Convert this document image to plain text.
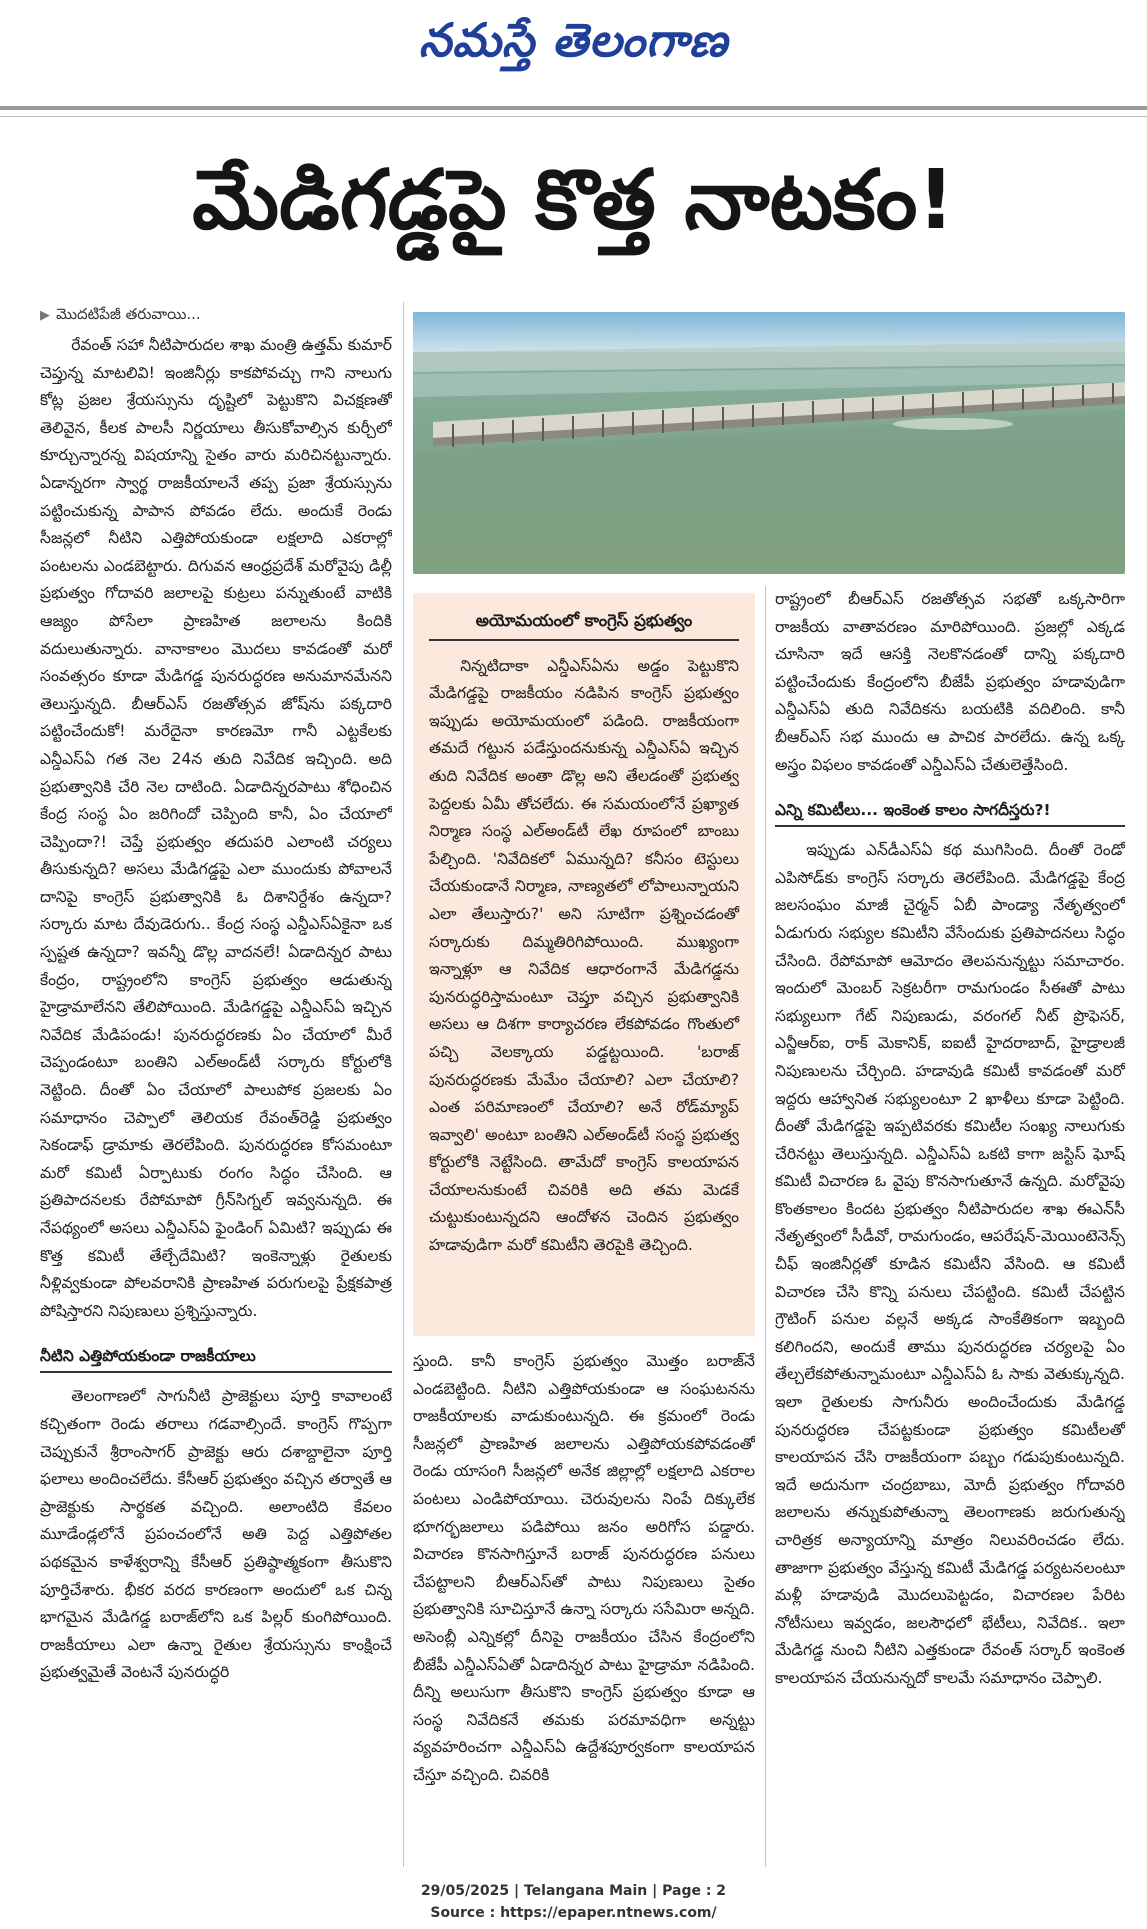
నమస్తే తెలంగాణ
మేడిగడ్డపై కొత్త నాటకం!
▶ మొదటిపేజీ తరువాయి...

రేవంత్ సహా నీటిపారుదల శాఖ మంత్రి ఉత్తమ్ కుమార్ చెప్తున్న మాటలివి! ఇంజినీర్లు కాకపోవచ్చు గాని నాలుగు కోట్ల ప్రజల శ్రేయస్సును దృష్టిలో పెట్టుకొని విచక్షణతో తెలివైన, కీలక పాలసీ నిర్ణయాలు తీసుకోవాల్సిన కుర్చీలో కూర్చున్నారన్న విషయాన్ని సైతం వారు మరిచినట్టున్నారు. ఏడాన్నరగా స్వార్థ రాజకీయాలనే తప్ప ప్రజా శ్రేయస్సును పట్టించుకున్న పాపాన పోవడం లేదు. అందుకే రెండు సీజన్లలో నీటిని ఎత్తిపోయకుండా లక్షలాది ఎకరాల్లో పంటలను ఎండబెట్టారు. దిగువన ఆంధ్రప్రదేశ్ మరోవైపు డిల్లీ ప్రభుత్వం గోదావరి జలాలపై కుట్రలు పన్నుతుంటే వాటికి ఆజ్యం పోసేలా ప్రాణహిత జలాలను కిందికి వదులుతున్నారు. వానాకాలం మొదలు కావడంతో మరో సంవత్సరం కూడా మేడిగడ్డ పునరుద్ధరణ అనుమానమేనని తెలుస్తున్నది. బీఆర్ఎస్ రజతోత్సవ జోష్‌ను పక్కదారి పట్టించేందుకో! మరేదైనా కారణమో గానీ ఎట్టకేలకు ఎన్డీఎస్ఏ గత నెల 24న తుది నివేదిక ఇచ్చింది. అది ప్రభుత్వానికి చేరి నెల దాటింది. ఏడాదిన్నరపాటు శోధించిన కేంద్ర సంస్థ ఏం జరిగిందో చెప్పింది కానీ, ఏం చేయాలో చెప్పిందా?! చెప్తే ప్రభుత్వం తదుపరి ఎలాంటి చర్యలు తీసుకున్నది? అసలు మేడిగడ్డపై ఎలా ముందుకు పోవాలనే దానిపై కాంగ్రెస్ ప్రభుత్వానికి ఓ దిశానిర్దేశం ఉన్నదా? సర్కారు మాట దేవుడెరుగు.. కేంద్ర సంస్థ ఎన్డీఎస్‌ఏకైనా ఒక స్పష్టత ఉన్నదా? ఇవన్నీ డొల్ల వాదనలే! ఏడాదిన్నర పాటు కేంద్రం, రాష్ట్రంలోని కాంగ్రెస్ ప్రభుత్వం ఆడుతున్న హైడ్రామాలేనని తేలిపోయింది. మేడిగడ్డపై ఎన్డీఎస్ఏ ఇచ్చిన నివేదిక మేడిపండు! పునరుద్ధరణకు ఏం చేయాలో మీరే చెప్పండంటూ బంతిని ఎల్అండ్‌టీ సర్కారు కోర్టులోకి నెట్టింది. దీంతో ఏం చేయాలో పాలుపోక ప్రజలకు ఏం సమాధానం చెప్పాలో తెలియక రేవంత్‌రెడ్డి ప్రభుత్వం సెకండాఫ్ డ్రామాకు తెరలేపింది. పునరుద్ధరణ కోసమంటూ మరో కమిటీ ఏర్పాటుకు రంగం సిద్ధం చేసింది. ఆ ప్రతిపాదనలకు రేపోమాపో గ్రీన్‌సిగ్నల్ ఇవ్వనున్నది. ఈ నేపథ్యంలో అసలు ఎన్డీఎస్ఏ ఫైండింగ్ ఏమిటి? ఇప్పుడు ఈ కొత్త కమిటీ తేల్చేదేమిటి? ఇంకెన్నాళ్లు రైతులకు నీళ్లివ్వకుండా పోలవరానికి ప్రాణహిత పరుగులపై ప్రేక్షకపాత్ర పోషిస్తారని నిపుణులు ప్రశ్నిస్తున్నారు.

నీటిని ఎత్తిపోయకుండా రాజకీయాలు

తెలంగాణలో సాగునీటి ప్రాజెక్టులు పూర్తి కావాలంటే కచ్చితంగా రెండు తరాలు గడవాల్సిందే. కాంగ్రెస్ గొప్పగా చెప్పుకునే శ్రీరాంసాగర్ ప్రాజెక్టు ఆరు దశాబ్దాలైనా పూర్తి ఫలాలు అందించలేదు. కేసీఆర్ ప్రభుత్వం వచ్చిన తర్వాతే ఆ ప్రాజెక్టుకు సార్థకత వచ్చింది. అలాంటిది కేవలం మూడేండ్లలోనే ప్రపంచంలోనే అతి పెద్ద ఎత్తిపోతల పథకమైన కాళేశ్వరాన్ని కేసీఆర్ ప్రతిష్ఠాత్మకంగా తీసుకొని పూర్తిచేశారు. భీకర వరద కారణంగా అందులో ఒక చిన్న భాగమైన మేడిగడ్డ బరాజ్‌లోని ఒక పిల్లర్ కుంగిపోయింది. రాజకీయాలు ఎలా ఉన్నా రైతుల శ్రేయస్సును కాంక్షించే ప్రభుత్వమైతే వెంటనే పునరుద్ధరి

అయోమయంలో కాంగ్రెస్ ప్రభుత్వం

నిన్నటిదాకా ఎన్డీఎస్ఏను అడ్డం పెట్టుకొని మేడిగడ్డపై రాజకీయం నడిపిన కాంగ్రెస్ ప్రభుత్వం ఇప్పుడు అయోమయంలో పడింది. రాజకీయంగా తమదే గట్టున పడేస్తుందనుకున్న ఎన్డీఎస్ఏ ఇచ్చిన తుది నివేదిక అంతా డొల్ల అని తేలడంతో ప్రభుత్వ పెద్దలకు ఏమీ తోచలేదు. ఈ సమయంలోనే ప్రఖ్యాత నిర్మాణ సంస్థ ఎల్అండ్‌టీ లేఖ రూపంలో బాంబు పేల్చింది. 'నివేదికలో ఏమున్నది? కనీసం టెస్టులు చేయకుండానే నిర్మాణ, నాణ్యతలో లోపాలున్నాయని ఎలా తేలుస్తారు?' అని సూటిగా ప్రశ్నించడంతో సర్కారుకు దిమ్మతిరిగిపోయింది. ముఖ్యంగా ఇన్నాళ్లూ ఆ నివేదిక ఆధారంగానే మేడిగడ్డను పునరుద్ధరిస్తామంటూ చెప్తూ వచ్చిన ప్రభుత్వానికి అసలు ఆ దిశగా కార్యాచరణ లేకపోవడం గొంతులో పచ్చి వెలక్కాయ పడ్డట్టయింది. 'బరాజ్ పునరుద్ధరణకు మేమేం చేయాలి? ఎలా చేయాలి? ఎంత పరిమాణంలో చేయాలి? అనే రోడ్‌మ్యాప్ ఇవ్వాలి' అంటూ బంతిని ఎల్అండ్‌టీ సంస్థ ప్రభుత్వ కోర్టులోకి నెట్టేసింది. తామేదో కాంగ్రెస్ కాలయాపన చేయాలనుకుంటే చివరికి అది తమ మెడకే చుట్టుకుంటున్నదని ఆందోళన చెందిన ప్రభుత్వం హడావుడిగా మరో కమిటీని తెరపైకి తెచ్చింది.

స్తుంది. కానీ కాంగ్రెస్ ప్రభుత్వం మొత్తం బరాజ్‌నే ఎండబెట్టింది. నీటిని ఎత్తిపోయకుండా ఆ సంఘటనను రాజకీయాలకు వాడుకుంటున్నది. ఈ క్రమంలో రెండు సీజన్లలో ప్రాణహిత జలాలను ఎత్తిపోయకపోవడంతో రెండు యాసంగి సీజన్లలో అనేక జిల్లాల్లో లక్షలాది ఎకరాల పంటలు ఎండిపోయాయి. చెరువులను నింపే దిక్కులేక భూగర్భజలాలు పడిపోయి జనం అరిగోస పడ్డారు. విచారణ కొనసాగిస్తూనే బరాజ్ పునరుద్ధరణ పనులు చేపట్టాలని బీఆర్ఎస్‌తో పాటు నిపుణులు సైతం ప్రభుత్వానికి సూచిస్తూనే ఉన్నా సర్కారు ససేమిరా అన్నది. అసెంబ్లీ ఎన్నికల్లో దీనిపై రాజకీయం చేసిన కేంద్రంలోని బీజేపీ ఎన్డీఎస్ఏతో ఏడాదిన్నర పాటు హైడ్రామా నడిపింది. దీన్ని అలుసుగా తీసుకొని కాంగ్రెస్ ప్రభుత్వం కూడా ఆ సంస్థ నివేదికనే తమకు పరమావధిగా అన్నట్టు వ్యవహరించగా ఎన్డీఎస్ఏ ఉద్దేశపూర్వకంగా కాలయాపన చేస్తూ వచ్చింది. చివరికి

రాష్ట్రంలో బీఆర్ఎస్ రజతోత్సవ సభతో ఒక్కసారిగా రాజకీయ వాతావరణం మారిపోయింది. ప్రజల్లో ఎక్కడ చూసినా ఇదే ఆసక్తి నెలకొనడంతో దాన్ని పక్కదారి పట్టించేందుకు కేంద్రంలోని బీజేపీ ప్రభుత్వం హడావుడిగా ఎన్డీఎస్ఏ తుది నివేదికను బయటికి వదిలింది. కానీ బీఆర్ఎస్ సభ ముందు ఆ పాచిక పారలేదు. ఉన్న ఒక్క అస్త్రం విఫలం కావడంతో ఎన్డీఎస్ఏ చేతులెత్తేసింది.

ఎన్ని కమిటీలు... ఇంకెంత కాలం సాగదీస్తరు?!

ఇప్పుడు ఎన్‌డీఎస్ఏ కథ ముగిసింది. దీంతో రెండో ఎపిసోడ్‌కు కాంగ్రెస్ సర్కారు తెరలేపింది. మేడిగడ్డపై కేంద్ర జలసంఘం మాజీ చైర్మన్ ఏబీ పాండ్యా నేతృత్వంలో ఏడుగురు సభ్యుల కమిటీని వేసేందుకు ప్రతిపాదనలు సిద్ధం చేసింది. రేపోమాపో ఆమోదం తెలపనున్నట్టు సమాచారం. ఇందులో మెంబర్ సెక్రటరీగా రామగుండం సీఈతో పాటు సభ్యులుగా గేట్ నిపుణుడు, వరంగల్ నీట్ ప్రొఫెసర్, ఎన్జీఆర్ఐ, రాక్ మెకానిక్, ఐఐటీ హైదరాబాద్, హైడ్రాలజీ నిపుణులను చేర్చింది. హడావుడి కమిటీ కావడంతో మరో ఇద్దరు ఆహ్వానిత సభ్యులంటూ 2 ఖాళీలు కూడా పెట్టింది. దీంతో మేడిగడ్డపై ఇప్పటివరకు కమిటీల సంఖ్య నాలుగుకు చేరినట్టు తెలుస్తున్నది. ఎన్డీఎస్ఏ ఒకటి కాగా జస్టిస్ ఘోష్ కమిటీ విచారణ ఓ వైపు కొనసాగుతూనే ఉన్నది. మరోవైపు కొంతకాలం కిందట ప్రభుత్వం నీటిపారుదల శాఖ ఈఎన్‌సీ నేతృత్వంలో సీడీవో, రామగుండం, ఆపరేషన్-మెయింటెనెన్స్ చీఫ్ ఇంజినీర్లతో కూడిన కమిటీని వేసింది. ఆ కమిటీ విచారణ చేసి కొన్ని పనులు చేపట్టింది. కమిటీ చేపట్టిన గ్రౌటింగ్ పనుల వల్లనే అక్కడ సాంకేతికంగా ఇబ్బంది కలిగిందని, అందుకే తాము పునరుద్ధరణ చర్యలపై ఏం తేల్చలేకపోతున్నామంటూ ఎన్డీఎస్ఏ ఓ సాకు వెతుక్కున్నది. ఇలా రైతులకు సాగునీరు అందించేందుకు మేడిగడ్డ పునరుద్ధరణ చేపట్టకుండా ప్రభుత్వం కమిటీలతో కాలయాపన చేసి రాజకీయంగా పబ్బం గడుపుకుంటున్నది. ఇదే అదునుగా చంద్రబాబు, మోదీ ప్రభుత్వం గోదావరి జలాలను తన్నుకుపోతున్నా తెలంగాణకు జరుగుతున్న చారిత్రక అన్యాయాన్ని మాత్రం నిలువరించడం లేదు. తాజాగా ప్రభుత్వం వేస్తున్న కమిటీ మేడిగడ్డ పర్యటనలంటూ మళ్లీ హడావుడి మొదలుపెట్టడం, విచారణల పేరిట నోటీసులు ఇవ్వడం, జలసౌధలో భేటీలు, నివేదిక.. ఇలా మేడిగడ్డ నుంచి నీటిని ఎత్తకుండా రేవంత్ సర్కార్ ఇంకెంత కాలయాపన చేయనున్నదో కాలమే సమాధానం చెప్పాలి.

29/05/2025 | Telangana Main | Page : 2
Source : https://epaper.ntnews.com/
